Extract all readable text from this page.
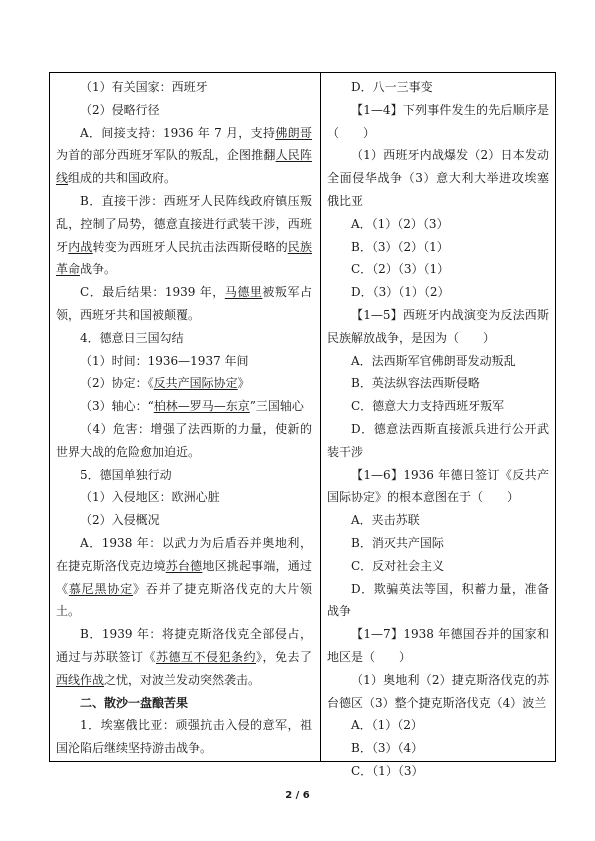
（1）有关国家：西班牙

（2）侵略行径

A．间接支持：1936 年 7 月，支持佛朗哥为首的部分西班牙军队的叛乱，企图推翻人民阵线组成的共和国政府。

B．直接干涉：西班牙人民阵线政府镇压叛乱，控制了局势，德意直接进行武装干涉，西班牙内战转变为西班牙人民抗击法西斯侵略的民族革命战争。

C．最后结果：1939 年，马德里被叛军占领，西班牙共和国被颠覆。

4．德意日三国勾结

（1）时间：1936—1937 年间

（2）协定：《反共产国际协定》

（3）轴心：“柏林—罗马—东京”三国轴心

（4）危害：增强了法西斯的力量，使新的世界大战的危险愈加迫近。

5．德国单独行动

（1）入侵地区：欧洲心脏

（2）入侵概况

A．1938 年：以武力为后盾吞并奥地利，在捷克斯洛伐克边境苏台德地区挑起事端，通过《慕尼黑协定》吞并了捷克斯洛伐克的大片领土。

B．1939 年：将捷克斯洛伐克全部侵占，通过与苏联签订《苏德互不侵犯条约》，免去了西线作战之忧，对波兰发动突然袭击。

二、散沙一盘酿苦果

1．埃塞俄比亚：顽强抗击入侵的意军，祖国沦陷后继续坚持游击战争。

D．八一三事变

【1—4】下列事件发生的先后顺序是（　　）

（1）西班牙内战爆发（2）日本发动全面侵华战争（3）意大利大举进攻埃塞俄比亚

A．（1）（2）（3）

B．（3）（2）（1）

C．（2）（3）（1）

D．（3）（1）（2）

【1—5】西班牙内战演变为反法西斯民族解放战争，是因为（　　）

A．法西斯军官佛朗哥发动叛乱

B．英法纵容法西斯侵略

C．德意大力支持西班牙叛军

D．德意法西斯直接派兵进行公开武装干涉

【1—6】1936 年德日签订《反共产国际协定》的根本意图在于（　　）

A．夹击苏联

B．消灭共产国际

C．反对社会主义

D．欺骗英法等国，积蓄力量，准备战争

【1—7】1938 年德国吞并的国家和地区是（　　）

（1）奥地利（2）捷克斯洛伐克的苏台德区（3）整个捷克斯洛伐克（4）波兰

A．（1）（2）

B．（3）（4）

C．（1）（3）

2 / 6
